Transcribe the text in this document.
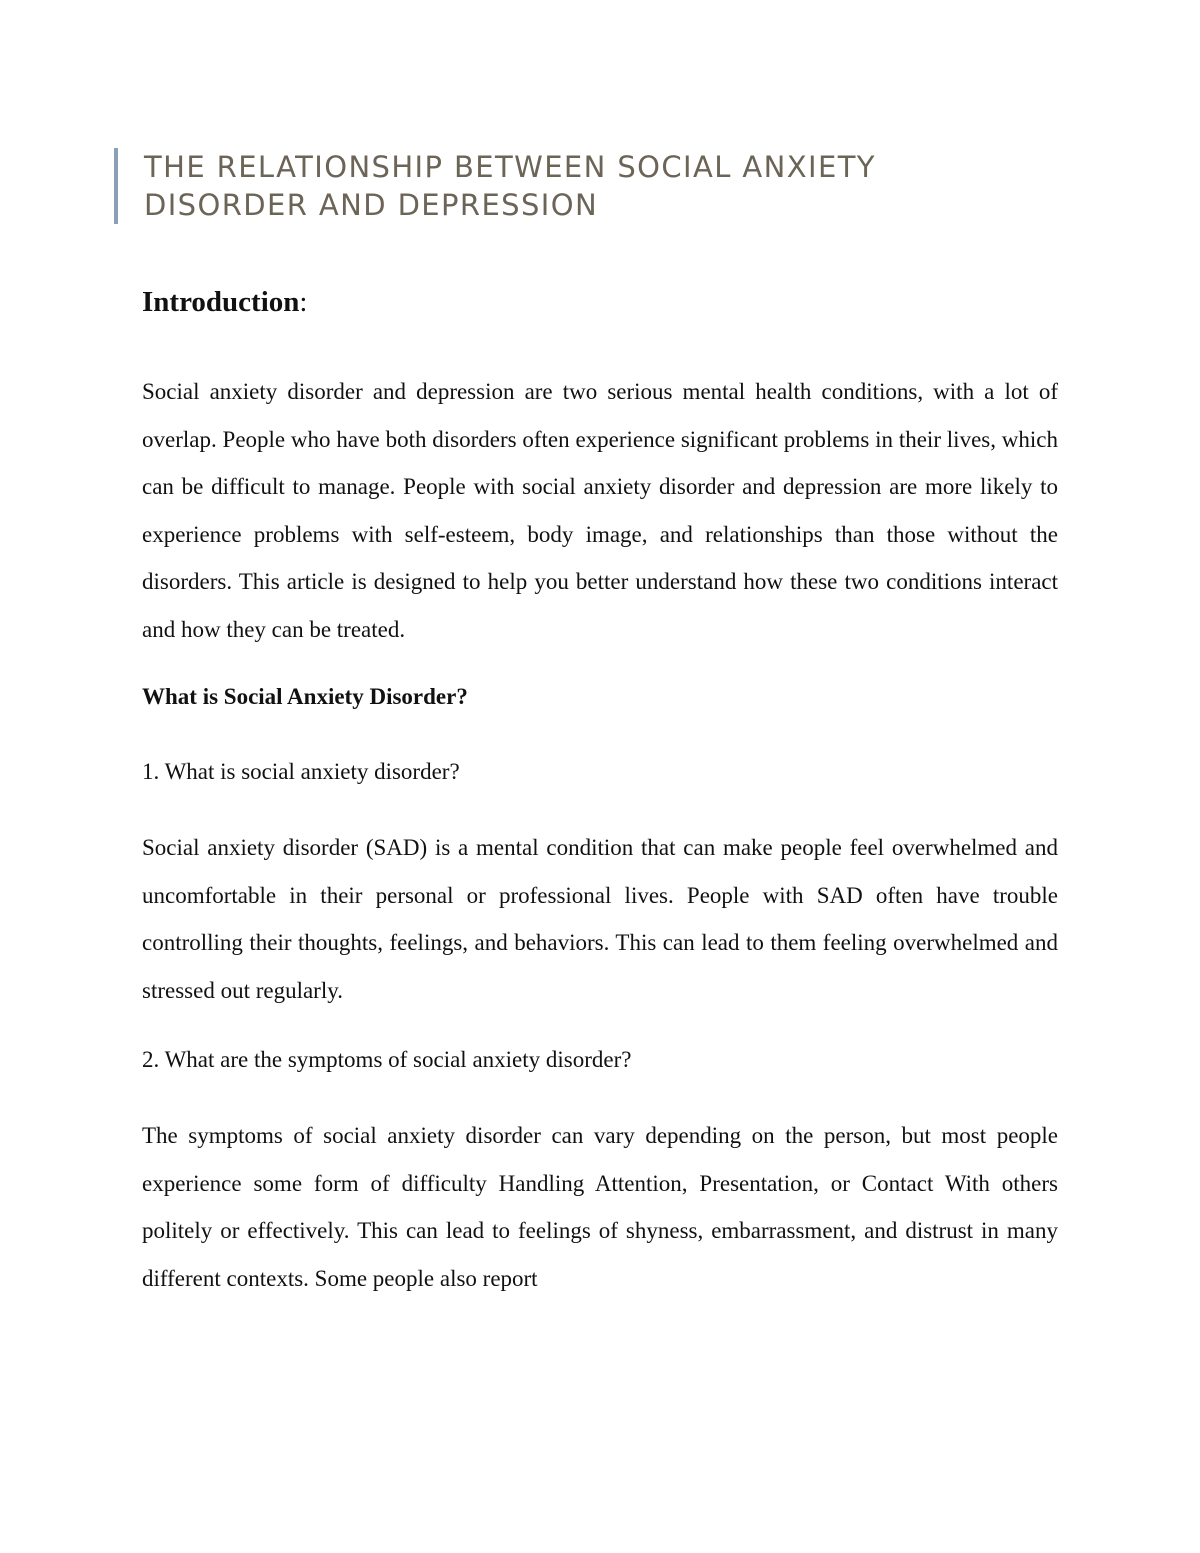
THE RELATIONSHIP BETWEEN SOCIAL ANXIETY
DISORDER AND DEPRESSION
Introduction:

Social anxiety disorder and depression are two serious mental health conditions, with a lot of overlap. People who have both disorders often experience significant problems in their lives, which can be difficult to manage. People with social anxiety disorder and depression are more likely to experience problems with self-esteem, body image, and relationships than those without the disorders. This article is designed to help you better understand how these two conditions interact and how they can be treated.

What is Social Anxiety Disorder?

1. What is social anxiety disorder?

Social anxiety disorder (SAD) is a mental condition that can make people feel overwhelmed and uncomfortable in their personal or professional lives. People with SAD often have trouble controlling their thoughts, feelings, and behaviors. This can lead to them feeling overwhelmed and stressed out regularly.

2. What are the symptoms of social anxiety disorder?

The symptoms of social anxiety disorder can vary depending on the person, but most people experience some form of difficulty Handling Attention, Presentation, or Contact With others politely or effectively. This can lead to feelings of shyness, embarrassment, and distrust in many different contexts. Some people also report
